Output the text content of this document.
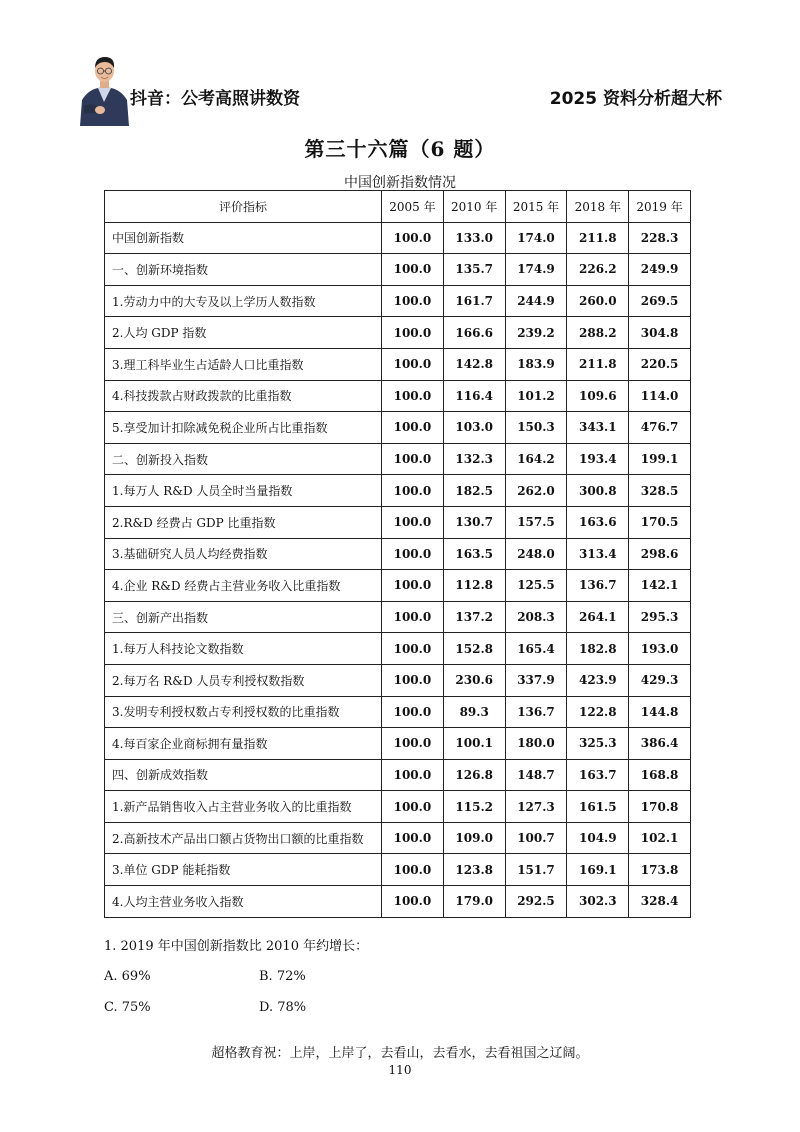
抖音：公考高照讲数资	2025 资料分析超大杯
第三十六篇（6 题）
中国创新指数情况
评价指标	2005 年	2010 年	2015 年	2018 年	2019 年
中国创新指数	100.0	133.0	174.0	211.8	228.3
一、创新环境指数	100.0	135.7	174.9	226.2	249.9
1.劳动力中的大专及以上学历人数指数	100.0	161.7	244.9	260.0	269.5
2.人均 GDP 指数	100.0	166.6	239.2	288.2	304.8
3.理工科毕业生占适龄人口比重指数	100.0	142.8	183.9	211.8	220.5
4.科技拨款占财政拨款的比重指数	100.0	116.4	101.2	109.6	114.0
5.享受加计扣除减免税企业所占比重指数	100.0	103.0	150.3	343.1	476.7
二、创新投入指数	100.0	132.3	164.2	193.4	199.1
1.每万人 R&D 人员全时当量指数	100.0	182.5	262.0	300.8	328.5
2.R&D 经费占 GDP 比重指数	100.0	130.7	157.5	163.6	170.5
3.基础研究人员人均经费指数	100.0	163.5	248.0	313.4	298.6
4.企业 R&D 经费占主营业务收入比重指数	100.0	112.8	125.5	136.7	142.1
三、创新产出指数	100.0	137.2	208.3	264.1	295.3
1.每万人科技论文数指数	100.0	152.8	165.4	182.8	193.0
2.每万名 R&D 人员专利授权数指数	100.0	230.6	337.9	423.9	429.3
3.发明专利授权数占专利授权数的比重指数	100.0	89.3	136.7	122.8	144.8
4.每百家企业商标拥有量指数	100.0	100.1	180.0	325.3	386.4
四、创新成效指数	100.0	126.8	148.7	163.7	168.8
1.新产品销售收入占主营业务收入的比重指数	100.0	115.2	127.3	161.5	170.8
2.高新技术产品出口额占货物出口额的比重指数	100.0	109.0	100.7	104.9	102.1
3.单位 GDP 能耗指数	100.0	123.8	151.7	169.1	173.8
4.人均主营业务收入指数	100.0	179.0	292.5	302.3	328.4
1. 2019 年中国创新指数比 2010 年约增长：
A. 69%	B. 72%
C. 75%	D. 78%
超格教育祝：上岸，上岸了，去看山，去看水，去看祖国之辽阔。
110
